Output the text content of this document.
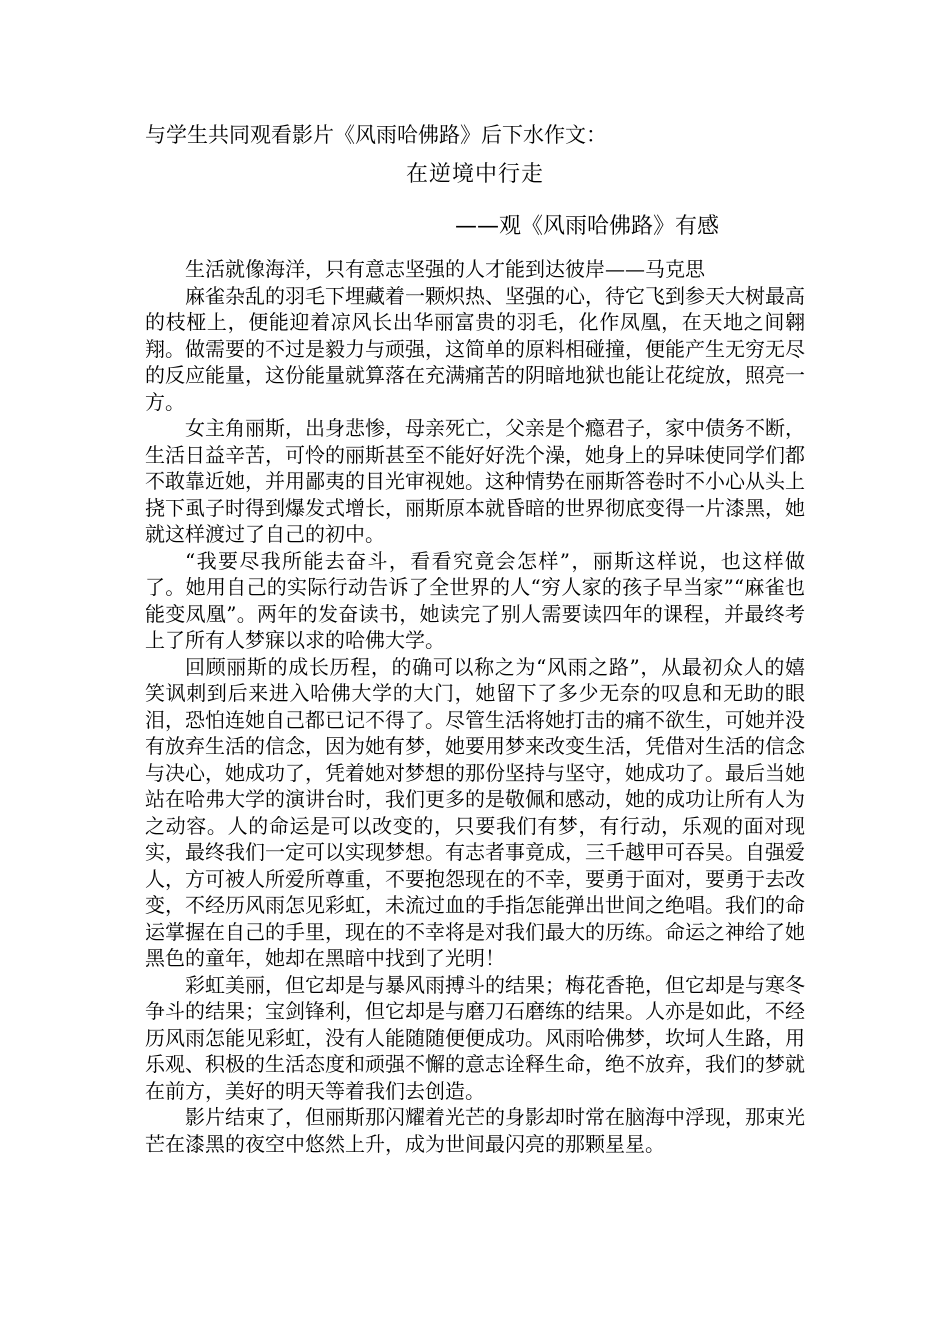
与学生共同观看影片《风雨哈佛路》后下水作文：

在逆境中行走
——观《风雨哈佛路》有感

生活就像海洋，只有意志坚强的人才能到达彼岸——马克思

麻雀杂乱的羽毛下埋藏着一颗炽热、坚强的心，待它飞到参天大树最高的枝桠上，便能迎着凉风长出华丽富贵的羽毛，化作凤凰，在天地之间翱翔。做需要的不过是毅力与顽强，这简单的原料相碰撞，便能产生无穷无尽的反应能量，这份能量就算落在充满痛苦的阴暗地狱也能让花绽放，照亮一方。

女主角丽斯，出身悲惨，母亲死亡，父亲是个瘾君子，家中债务不断，生活日益辛苦，可怜的丽斯甚至不能好好洗个澡，她身上的异味使同学们都不敢靠近她，并用鄙夷的目光审视她。这种情势在丽斯答卷时不小心从头上挠下虱子时得到爆发式增长，丽斯原本就昏暗的世界彻底变得一片漆黑，她就这样渡过了自己的初中。

“我要尽我所能去奋斗，看看究竟会怎样”，丽斯这样说，也这样做了。她用自己的实际行动告诉了全世界的人“穷人家的孩子早当家”“麻雀也能变凤凰”。两年的发奋读书，她读完了别人需要读四年的课程，并最终考上了所有人梦寐以求的哈佛大学。

回顾丽斯的成长历程，的确可以称之为“风雨之路”，从最初众人的嬉笑讽刺到后来进入哈佛大学的大门，她留下了多少无奈的叹息和无助的眼泪，恐怕连她自己都已记不得了。尽管生活将她打击的痛不欲生，可她并没有放弃生活的信念，因为她有梦，她要用梦来改变生活，凭借对生活的信念与决心，她成功了，凭着她对梦想的那份坚持与坚守，她成功了。最后当她站在哈弗大学的演讲台时，我们更多的是敬佩和感动，她的成功让所有人为之动容。人的命运是可以改变的，只要我们有梦，有行动，乐观的面对现实，最终我们一定可以实现梦想。有志者事竟成，三千越甲可吞吴。自强爱人，方可被人所爱所尊重，不要抱怨现在的不幸，要勇于面对，要勇于去改变，不经历风雨怎见彩虹，未流过血的手指怎能弹出世间之绝唱。我们的命运掌握在自己的手里，现在的不幸将是对我们最大的历练。命运之神给了她黑色的童年，她却在黑暗中找到了光明！

彩虹美丽，但它却是与暴风雨搏斗的结果；梅花香艳，但它却是与寒冬争斗的结果；宝剑锋利，但它却是与磨刀石磨练的结果。人亦是如此，不经历风雨怎能见彩虹，没有人能随随便便成功。风雨哈佛梦，坎坷人生路，用乐观、积极的生活态度和顽强不懈的意志诠释生命，绝不放弃，我们的梦就在前方，美好的明天等着我们去创造。

影片结束了，但丽斯那闪耀着光芒的身影却时常在脑海中浮现，那束光芒在漆黑的夜空中悠然上升，成为世间最闪亮的那颗星星。
